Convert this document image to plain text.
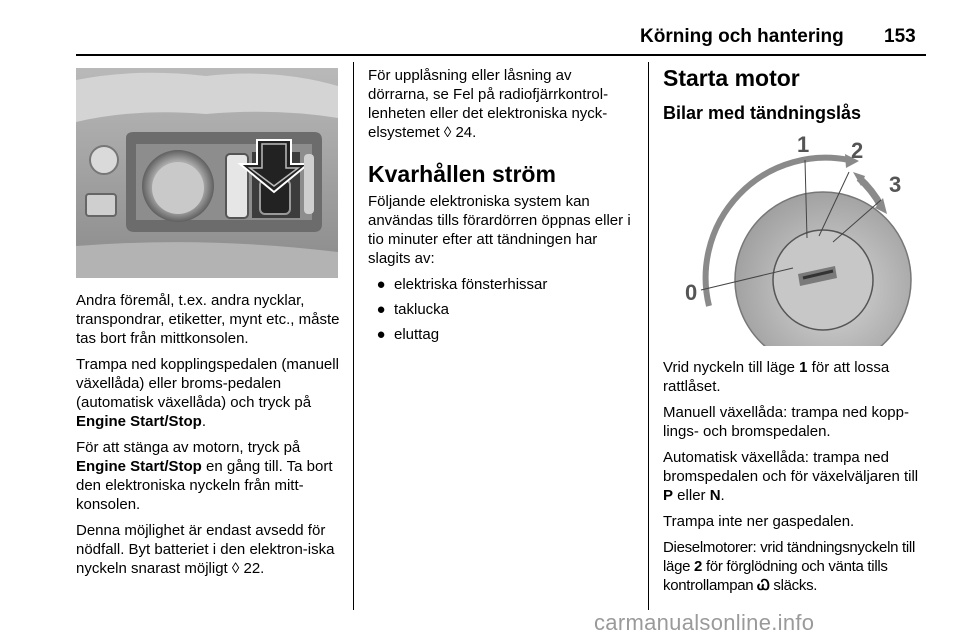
Körning och hantering 153

Andra föremål, t.ex. andra nycklar, transpondrar, etiketter, mynt etc., måste tas bort från mittkonsolen.

Trampa ned kopplingspedalen (manuell växellåda) eller broms-pedalen (automatisk växellåda) och tryck på Engine Start/Stop.

För att stänga av motorn, tryck på Engine Start/Stop en gång till. Ta bort den elektroniska nyckeln från mitt-konsolen.

Denna möjlighet är endast avsedd för nödfall. Byt batteriet i den elektron-iska nyckeln snarast möjligt ◊ 22.

För upplåsning eller låsning av dörrarna, se Fel på radiofjärrkontrol-lenheten eller det elektroniska nyck-elsystemet ◊ 24.

Kvarhållen ström

Följande elektroniska system kan användas tills förardörren öppnas eller i tio minuter efter att tändningen har slagits av:

● elektriska fönsterhissar
● taklucka
● eluttag
Starta motor
Bilar med tändningslås
0
1 2
3

Vrid nyckeln till läge 1 för att lossa rattlåset.

Manuell växellåda: trampa ned kopp-lings- och bromspedalen.

Automatisk växellåda: trampa ned bromspedalen och för växelväljaren till P eller N.

Trampa inte ner gaspedalen.

Dieselmotorer: vrid tändningsnyckeln till läge 2 för förglödning och vänta tills kontrollampan Ꮗ släcks.

carmanualsonline.info
